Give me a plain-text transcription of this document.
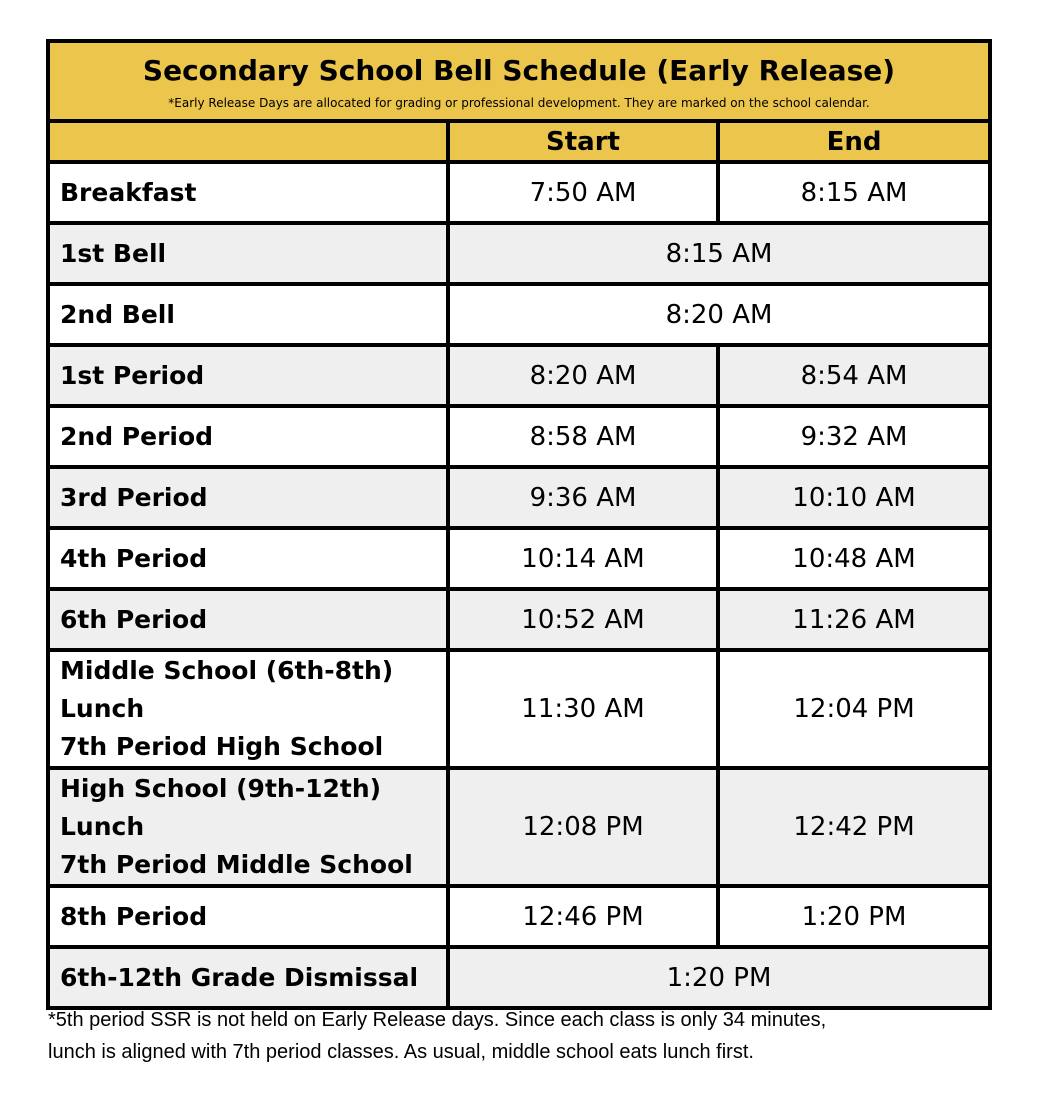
Secondary School Bell Schedule (Early Release)
*Early Release Days are allocated for grading or professional development. They are marked on the school calendar.		

	Start	End
Breakfast	7:50 AM	8:15 AM
1st Bell	8:15 AM	
2nd Bell	8:20 AM	
1st Period	8:20 AM	8:54 AM
2nd Period	8:58 AM	9:32 AM
3rd Period	9:36 AM	10:10 AM
4th Period	10:14 AM	10:48 AM
6th Period	10:52 AM	11:26 AM

Middle School (6th-8th) Lunch
7th Period High School	11:30 AM	12:04 PM

High School (9th-12th) Lunch
7th Period Middle School	12:08 PM	12:42 PM
8th Period	12:46 PM	1:20 PM
6th-12th Grade Dismissal	1:20 PM	
*5th period SSR is not held on Early Release days. Since each class is only 34 minutes,
lunch is aligned with 7th period classes. As usual, middle school eats lunch first.
